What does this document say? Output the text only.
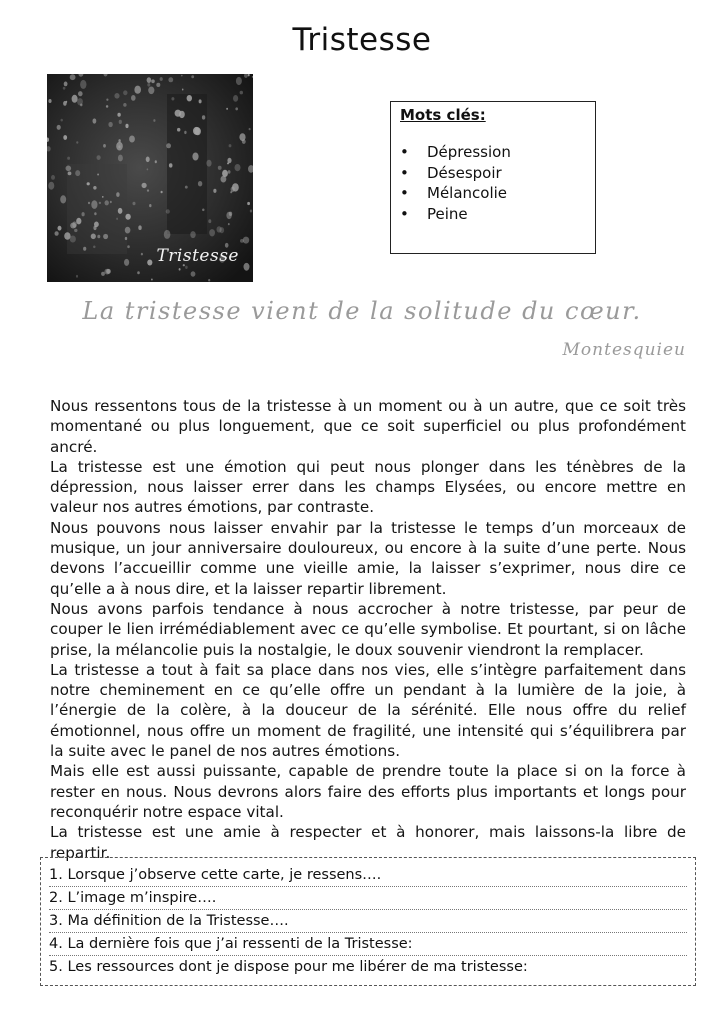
Tristesse
Tristesse
Mots clés:
• Dépression
• Désespoir
• Mélancolie
• Peine
La tristesse vient de la solitude du cœur.
Montesquieu

Nous ressentons tous de la tristesse à un moment ou à un autre, que ce soit très momentané ou plus longuement, que ce soit superficiel ou plus profondément ancré.

La tristesse est une émotion qui peut nous plonger dans les ténèbres de la dépression, nous laisser errer dans les champs Elysées, ou encore mettre en valeur nos autres émotions, par contraste.

Nous pouvons nous laisser envahir par la tristesse le temps d’un morceaux de musique, un jour anniversaire douloureux, ou encore à la suite d’une perte. Nous devons l’accueillir comme une vieille amie, la laisser s’exprimer, nous dire ce qu’elle a à nous dire, et la laisser repartir librement.

Nous avons parfois tendance à nous accrocher à notre tristesse, par peur de couper le lien irrémédiablement avec ce qu’elle symbolise. Et pourtant, si on lâche prise, la mélancolie puis la nostalgie, le doux souvenir viendront la remplacer.

La tristesse a tout à fait sa place dans nos vies, elle s’intègre parfaitement dans notre cheminement en ce qu’elle offre un pendant à la lumière de la joie, à l’énergie de la colère, à la douceur de la sérénité. Elle nous offre du relief émotionnel, nous offre un moment de fragilité, une intensité qui s’équilibrera par la suite avec le panel de nos autres émotions.

Mais elle est aussi puissante, capable de prendre toute la place si on la force à rester en nous. Nous devrons alors faire des efforts plus importants et longs pour reconquérir notre espace vital.

La tristesse est une amie à respecter et à honorer, mais laissons-la libre de repartir.

1. Lorsque j’observe cette carte, je ressens….
2. L’image m’inspire….
3. Ma définition de la Tristesse….
4. La dernière fois que j’ai ressenti de la Tristesse:
5. Les ressources dont je dispose pour me libérer de ma tristesse:
